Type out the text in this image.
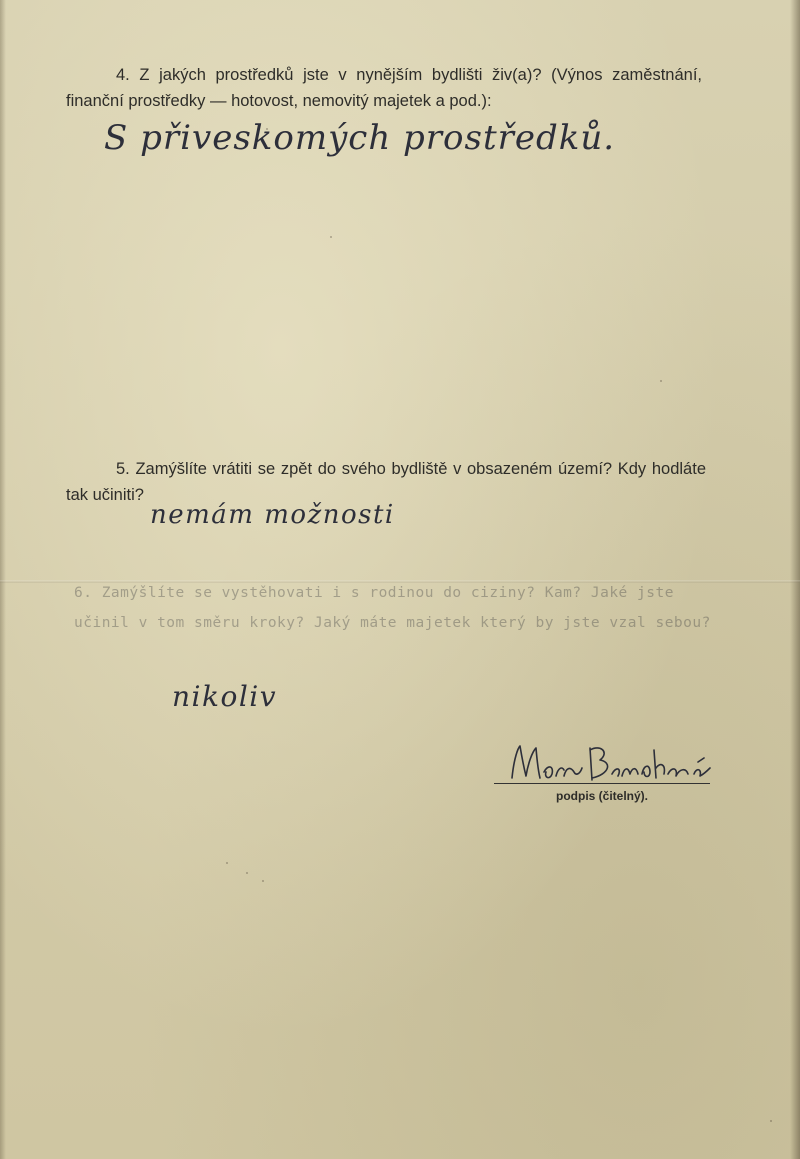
4. Z jakých prostředků jste v nynějším bydlišti živ(a)? (Výnos zaměstnání, finanční prostředky — hotovost, nemovitý majetek a pod.):
S přiveskomých prostředků.
5. Zamýšlíte vrátiti se zpět do svého bydliště v obsazeném území? Kdy hodláte tak učiniti?
nemám možnosti
6. Zamýšlíte se vystěhovati i s rodinou do ciziny? Kam? Jaké jste učinil v tom směru kroky? Jaký máte majetek který by jste vzal sebou?
nikoliv
podpis (čitelný).
